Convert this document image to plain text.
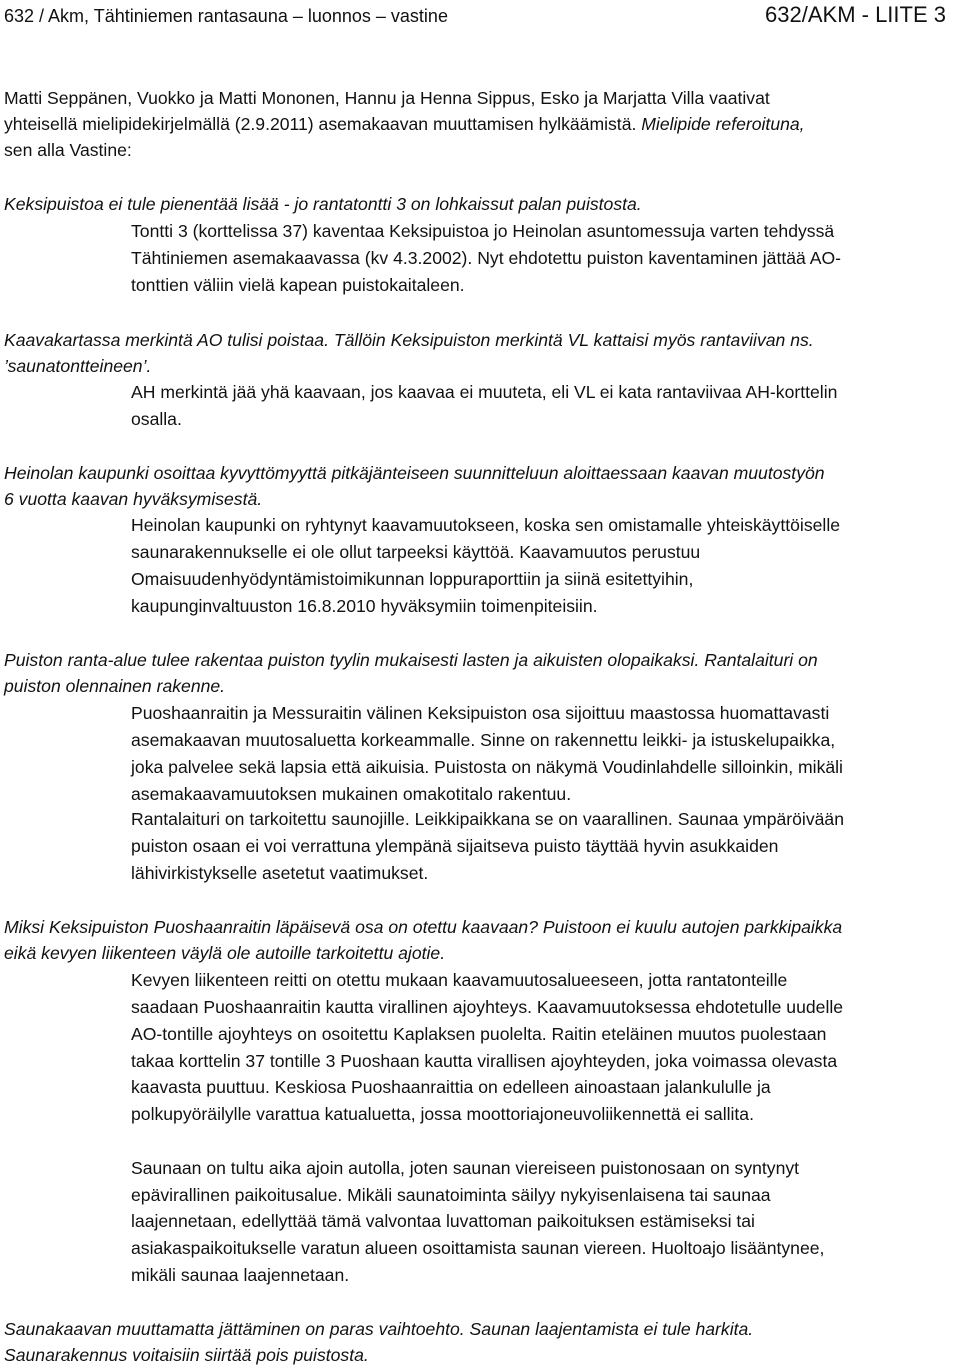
632 / Akm, Tähtiniemen rantasauna – luonnos – vastine	632/AKM - LIITE 3

Matti Seppänen, Vuokko ja Matti Mononen, Hannu ja Henna Sippus, Esko ja Marjatta Villa vaativat

yhteisellä mielipidekirjelmällä (2.9.2011) asemakaavan muuttamisen hylkäämistä. Mielipide referoituna,

sen alla Vastine:

Keksipuistoa ei tule pienentää lisää - jo rantatontti 3 on lohkaissut palan puistosta.

Tontti 3 (korttelissa 37) kaventaa Keksipuistoa jo Heinolan asuntomessuja varten tehdyssä

Tähtiniemen asemakaavassa (kv 4.3.2002). Nyt ehdotettu puiston kaventaminen jättää AO-

tonttien väliin vielä kapean puistokaitaleen.

Kaavakartassa merkintä AO tulisi poistaa. Tällöin Keksipuiston merkintä VL kattaisi myös rantaviivan ns.

’saunatontteineen’.

AH merkintä jää yhä kaavaan, jos kaavaa ei muuteta, eli VL ei kata rantaviivaa AH-korttelin

osalla.

Heinolan kaupunki osoittaa kyvyttömyyttä pitkäjänteiseen suunnitteluun aloittaessaan kaavan muutostyön

6 vuotta kaavan hyväksymisestä.

Heinolan kaupunki on ryhtynyt kaavamuutokseen, koska sen omistamalle yhteiskäyttöiselle

saunarakennukselle ei ole ollut tarpeeksi käyttöä. Kaavamuutos perustuu

Omaisuudenhyödyntämistoimikunnan loppuraporttiin ja siinä esitettyihin,

kaupunginvaltuuston 16.8.2010 hyväksymiin toimenpiteisiin.

Puiston ranta-alue tulee rakentaa puiston tyylin mukaisesti lasten ja aikuisten olopaikaksi. Rantalaituri on

puiston olennainen rakenne.

Puoshaanraitin ja Messuraitin välinen Keksipuiston osa sijoittuu maastossa huomattavasti

asemakaavan muutosaluetta korkeammalle. Sinne on rakennettu leikki- ja istuskelupaikka,

joka palvelee sekä lapsia että aikuisia. Puistosta on näkymä Voudinlahdelle silloinkin, mikäli

asemakaavamuutoksen mukainen omakotitalo rakentuu.

Rantalaituri on tarkoitettu saunojille. Leikkipaikkana se on vaarallinen. Saunaa ympäröivään

puiston osaan ei voi verrattuna ylempänä sijaitseva puisto täyttää hyvin asukkaiden

lähivirkistykselle asetetut vaatimukset.

Miksi Keksipuiston Puoshaanraitin läpäisevä osa on otettu kaavaan? Puistoon ei kuulu autojen parkkipaikka

eikä kevyen liikenteen väylä ole autoille tarkoitettu ajotie.

Kevyen liikenteen reitti on otettu mukaan kaavamuutosalueeseen, jotta rantatonteille

saadaan Puoshaanraitin kautta virallinen ajoyhteys. Kaavamuutoksessa ehdotetulle uudelle

AO-tontille ajoyhteys on osoitettu Kaplaksen puolelta. Raitin eteläinen muutos puolestaan

takaa korttelin 37 tontille 3 Puoshaan kautta virallisen ajoyhteyden, joka voimassa olevasta

kaavasta puuttuu. Keskiosa Puoshaanraittia on edelleen ainoastaan jalankululle ja

polkupyöräilylle varattua katualuetta, jossa moottoriajoneuvoliikennettä ei sallita.

Saunaan on tultu aika ajoin autolla, joten saunan viereiseen puistonosaan on syntynyt

epävirallinen paikoitusalue. Mikäli saunatoiminta säilyy nykyisenlaisena tai saunaa

laajennetaan, edellyttää tämä valvontaa luvattoman paikoituksen estämiseksi tai

asiakaspaikoitukselle varatun alueen osoittamista saunan viereen. Huoltoajo lisääntynee,

mikäli saunaa laajennetaan.

Saunakaavan muuttamatta jättäminen on paras vaihtoehto. Saunan laajentamista ei tule harkita.

Saunarakennus voitaisiin siirtää pois puistosta.
